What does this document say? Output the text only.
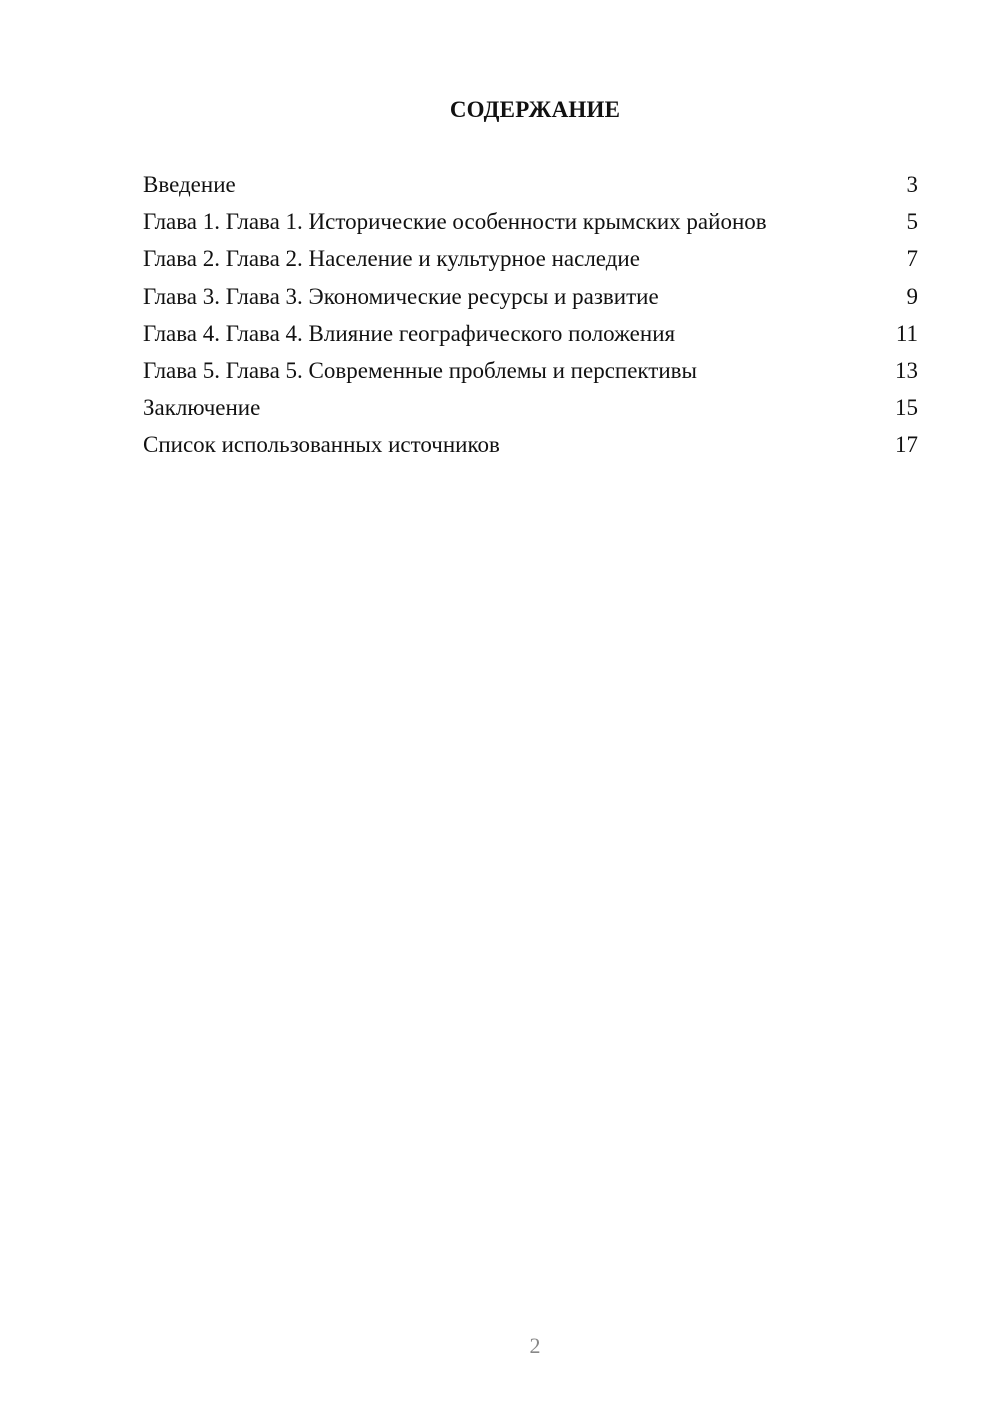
СОДЕРЖАНИЕ
Введение	3
Глава 1. Глава 1. Исторические особенности крымских районов	5
Глава 2. Глава 2. Население и культурное наследие	7
Глава 3. Глава 3. Экономические ресурсы и развитие	9
Глава 4. Глава 4. Влияние географического положения	11
Глава 5. Глава 5. Современные проблемы и перспективы	13
Заключение	15
Список использованных источников	17
2
